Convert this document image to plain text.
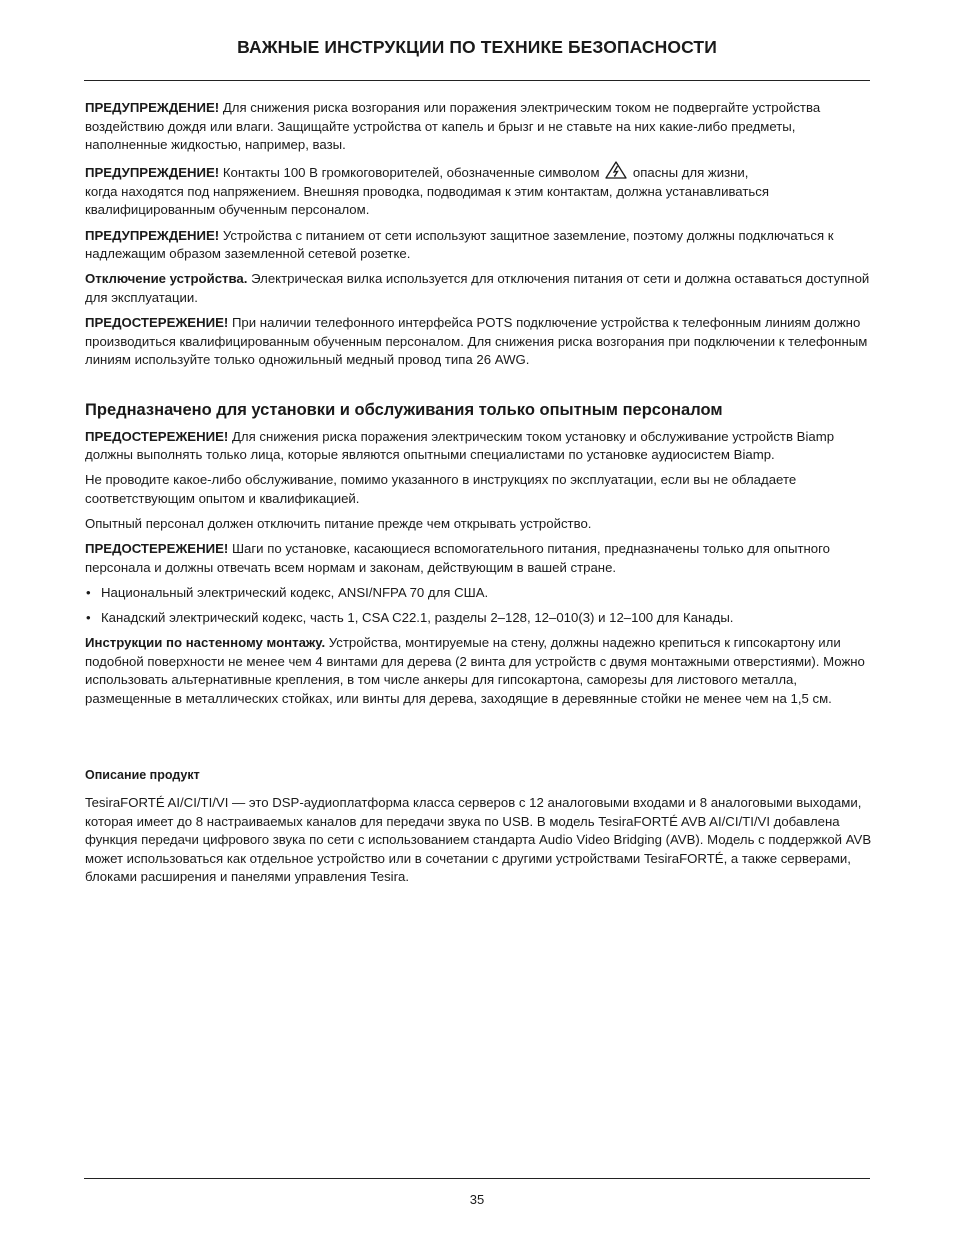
ВАЖНЫЕ ИНСТРУКЦИИ ПО ТЕХНИКЕ БЕЗОПАСНОСТИ

ПРЕДУПРЕЖДЕНИЕ! Для снижения риска возгорания или поражения электрическим током не подвергайте устройства воздействию дождя или влаги. Защищайте устройства от капель и брызг и не ставьте на них какие-либо предметы, наполненные жидкостью, например, вазы.

ПРЕДУПРЕЖДЕНИЕ! Контакты 100 В громкоговорителей, обозначенные символом  опасны для жизни,
когда находятся под напряжением. Внешняя проводка, подводимая к этим контактам, должна устанавливаться квалифицированным обученным персоналом.

ПРЕДУПРЕЖДЕНИЕ! Устройства с питанием от сети используют защитное заземление, поэтому должны подключаться к надлежащим образом заземленной сетевой розетке.

Отключение устройства. Электрическая вилка используется для отключения питания от сети и должна оставаться доступной для эксплуатации.

ПРЕДОСТЕРЕЖЕНИЕ! При наличии телефонного интерфейса POTS подключение устройства к телефонным линиям должно производиться квалифицированным обученным персоналом. Для снижения риска возгорания при подключении к телефонным линиям используйте только одножильный медный провод типа 26 AWG.

Предназначено для установки и обслуживания только опытным персоналом

ПРЕДОСТЕРЕЖЕНИЕ! Для снижения риска поражения электрическим током установку и обслуживание устройств Biamp должны выполнять только лица, которые являются опытными специалистами по установке аудиосистем Biamp.

Не проводите какое-либо обслуживание, помимо указанного в инструкциях по эксплуатации, если вы не обладаете соответствующим опытом и квалификацией.

Опытный персонал должен отключить питание прежде чем открывать устройство.

ПРЕДОСТЕРЕЖЕНИЕ! Шаги по установке, касающиеся вспомогательного питания, предназначены только для опытного персонала и должны отвечать всем нормам и законам, действующим в вашей стране.

• Национальный электрический кодекс, ANSI/NFPA 70 для США.
• Канадский электрический кодекс, часть 1, CSA C22.1, разделы 2–128, 12–010(3) и 12–100 для Канады.

Инструкции по настенному монтажу. Устройства, монтируемые на стену, должны надежно крепиться к гипсокартону или подобной поверхности не менее чем 4 винтами для дерева (2 винта для устройств с двумя монтажными отверстиями). Можно использовать альтернативные крепления, в том числе анкеры для гипсокартона, саморезы для листового металла, размещенные в металлических стойках, или винты для дерева, заходящие в деревянные стойки не менее чем на 1,5 см.

Описание продукт

TesiraFORTÉ AI/CI/TI/VI — это DSP-аудиоплатформа класса серверов с 12 аналоговыми входами и 8 аналоговыми выходами, которая имеет до 8 настраиваемых каналов для передачи звука по USB. В модель TesiraFORTÉ AVB AI/CI/TI/VI добавлена функция передачи цифрового звука по сети с использованием стандарта Audio Video Bridging (AVB). Модель с поддержкой AVB может использоваться как отдельное устройство или в сочетании с другими устройствами TesiraFORTÉ, а также серверами, блоками расширения и панелями управления Tesira.

35
